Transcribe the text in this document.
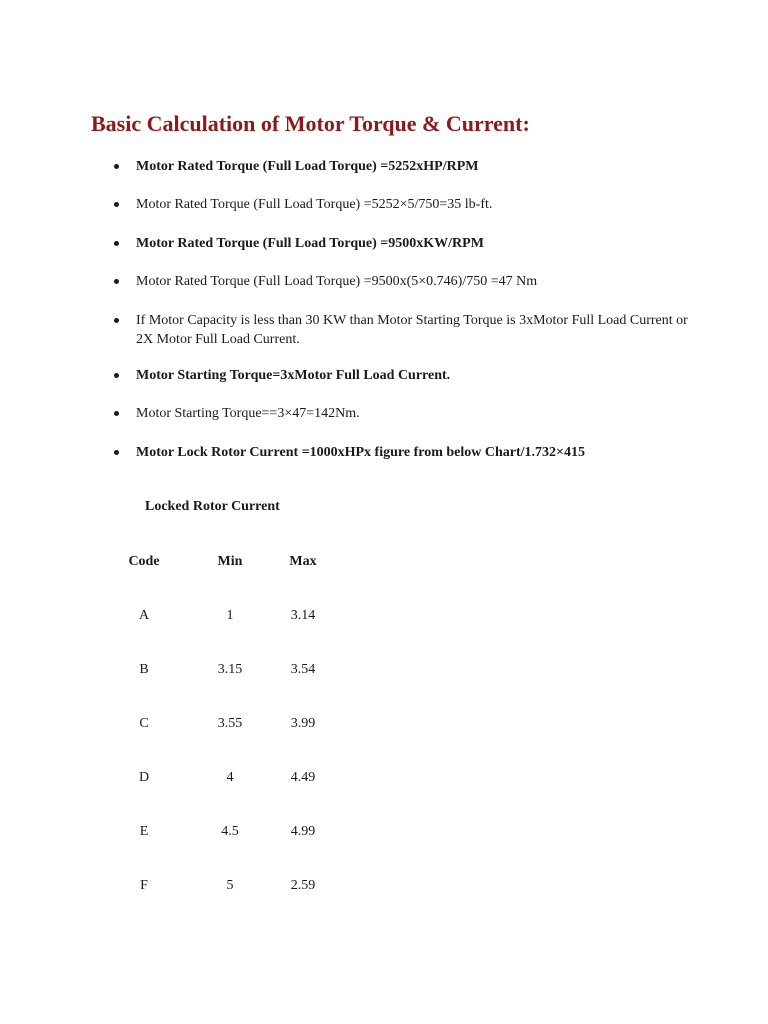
Basic Calculation of Motor Torque & Current:
Motor Rated Torque (Full Load Torque) =5252xHP/RPM
Motor Rated Torque (Full Load Torque) =5252×5/750=35 lb-ft.
Motor Rated Torque (Full Load Torque) =9500xKW/RPM
Motor Rated Torque (Full Load Torque) =9500x(5×0.746)/750 =47 Nm
If Motor Capacity is less than 30 KW than Motor Starting Torque is 3xMotor Full Load Current or 2X Motor Full Load Current.
Motor Starting Torque=3xMotor Full Load Current.
Motor Starting Torque==3×47=142Nm.
Motor Lock Rotor Current =1000xHPx figure from below Chart/1.732×415
Locked Rotor Current
Code	Min	Max
A	1	3.14
B	3.15	3.54
C	3.55	3.99
D	4	4.49
E	4.5	4.99
F	5	2.59
